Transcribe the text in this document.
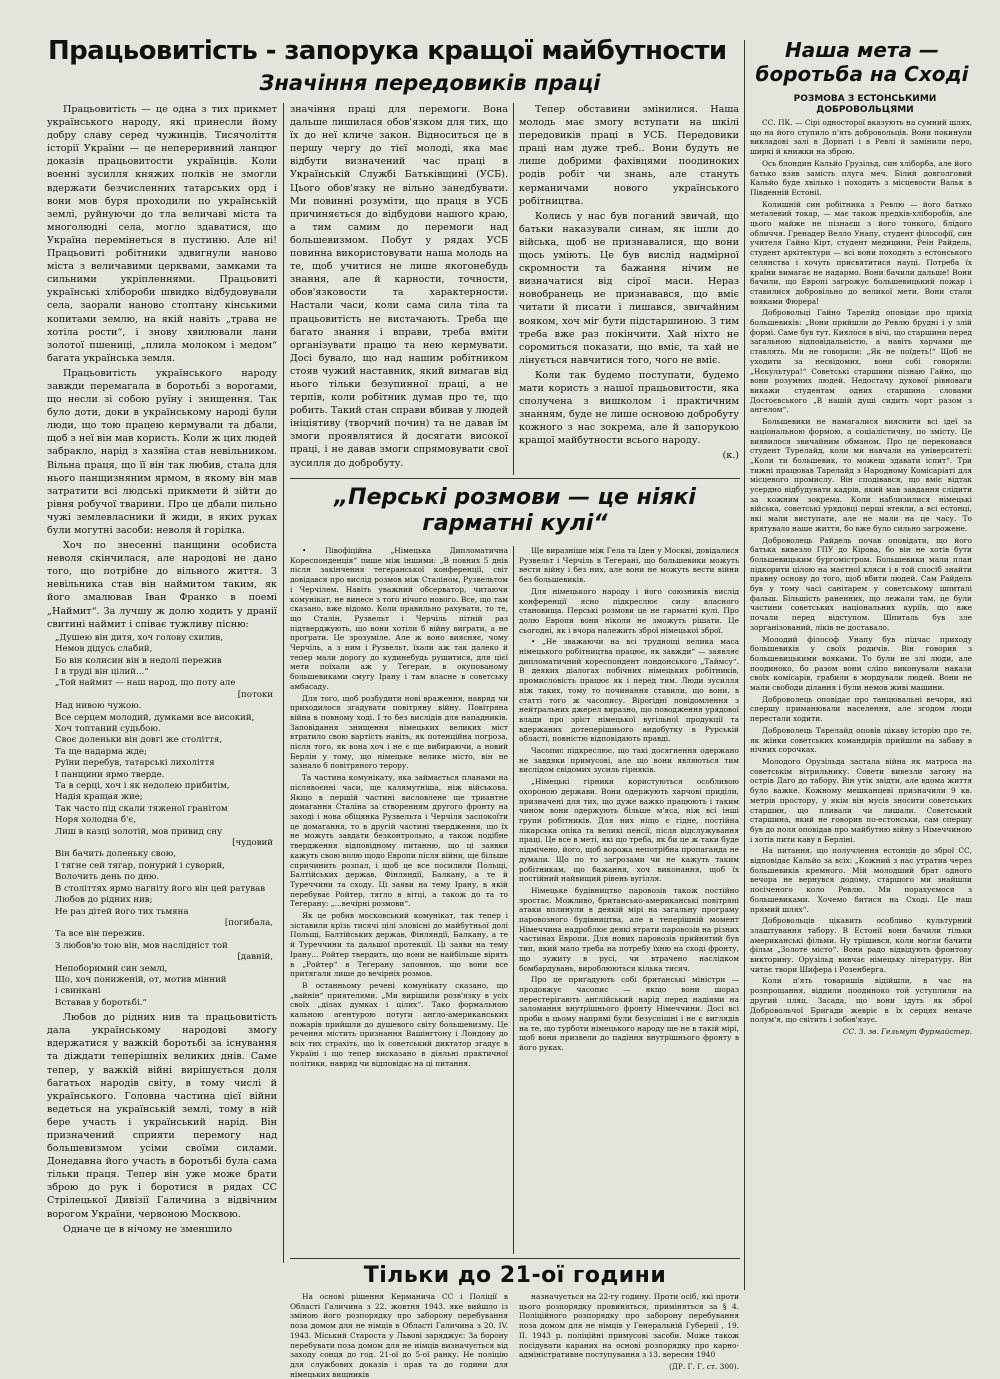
Працьовитість - запорука кращої майбутности
Значіння передовиків праці
Наша мета —
боротьба на Сході
РОЗМОВА З ЕСТОНСЬКИМИ ДОБРОВОЛЬЦЯМИ

Працьовитість — це одна з тих прикмет українського народу, які принесли йому добру славу серед чужинців. Тисячоліття історії України — це непереривний ланцюг доказів працьовитости українців. Коли военні зусилля княжих полків не змогли вдержати безчисленних татарських орд і вони мов буря проходили по українській землі, руйнуючи до тла величаві міста та многолюдні села, могло здаватися, що Україна перемінеться в пустиню. Але ні! Працьовиті робітники здвигнули наново міста з величавими церквами, замками та сильними укріпленнями. Працьовиті українські хлібороби швидко відбудовували села, заорали наново стоптану кінськими копитами землю, на якій навіть „трава не хотіла рости“, і знову хвилювали лани золотої пшениці, „плила молоком і медом“ багата українська земля.

Працьовитість українського народу завжди перемагала в боротьбі з ворогами, що несли зі собою руїну і знищення. Так було доти, доки в українському народі були люди, що тою працею кермували та дбали, щоб з неї він мав користь. Коли ж цих людей забракло, нарід з хазяїна став невільником. Вільна праця, що її він так любив, стала для нього панщизняним ярмом, в якому він мав затратити всі людські прикмети й зійти до рівня робучої тварини. Про це дбали пильно чужі землевласники й жиди, в яких руках були могутні засоби: неволя й горілка.

Хоч по знесенні панщини особиста неволя скінчилася, але народові не дано того, що потрібне до вільного життя. З невільника став він наймитом таким, як його змалював Іван Франко в поемі „Наймит“. За лучшу ж долю ходить у дранії свитині наймит і співає тужливу пісню:

„Душею він дитя, хоч голову схилив,
Немов дідусь слабий,
Бо він колисин він в недолі пережив
І в труді він цілий...“
„Той наймит — наш народ, що поту але
[потоки
Над нивою чужою.
Все серцем молодий, думками все високий,
Хоч топтаний судьбою.
Своє доленьки він довгі же століття,
Та ще надарма жде;
Руїни перебув, татарські лихоліття
І панщини ярмо тверде.
Та в серці, хоч і як недолею прибитім,
Надія кращая жие;
Так часто під скали тяженої гранітом
Норя холодна б'є,
Лиш в казці золотій, мов привид сну
[чудовий
Він бачить доленьку свою,
І тягне сей тягар, понурий і суворий,
Волочить день по дню.
В століттях ярмо нагніту його він цей ратував
Любов до рідних нив;
Не раз дітей його тих тьмяна
[погибала,
Та все він пережив.
З любов'ю тою він, мов наслідніст той
[давній,
Непоборимий син землі,
Що, хоч пониженій, от, мотив мінний
і свинкані
Вставав у боротьбі.“

Любов до рідних нив та працьовитість дала українському народові змогу вдержатися у важкій боротьбі за існування та діждати теперішніх великих днів. Саме тепер, у важкій війні вирішується доля багатьох народів світу, в тому числі й українського. Головна частина цієї війни ведеться на українській землі, тому в ній бере участь і український нарід. Він призначений сприяти перемогу над большевизмом усіми своїми силами. Донедавна його участь в боротьбі була сама тільки праця. Тепер він уже може брати зброю до рук і боротися в рядах СС Стрілецької Дивізії Галичина з відвічним ворогом України, червоною Москвою.

Одначе це в нічому не зменшило

значіння праці для перемоги. Вона дальше лишилася обов'язком для тих, що їх до неї кличе закон. Відноситься це в першу чергу до тієї молоді, яка має відбути визначений час праці в Українській Службі Батьківщині (УСБ). Цього обов'язку не вільно занедбувати. Ми повинні розуміти, що праця в УСБ причиняється до відбудови нашого краю, а тим самим до перемоги над большевизмом. Побут у рядах УСБ повинна використовувати наша молодь на те, щоб учитися не лише якогонебудь знання, але й карности, точности, обов'язковости та характерности. Настали часи, коли сама сила тіла та працьовитість не вистачають. Треба ще багато знання і вправи, треба вміти організувати працю та нею кермувати. Досі бувало, що над нашим робітником стояв чужий наставник, який вимагав від нього тільки безупинної праці, а не терпів, коли робітник думав про те, що робить. Такий стан справи вбивав у людей ініціятиву (творчий почин) та не давав їм змоги проявлятися й досягати високої праці, і не давав змоги спрямовувати свої зусилля до добробуту.

Тепер обставини змінилися. Наша молодь має змогу вступати на шкілі передовиків праці в УСБ. Передовики праці нам дуже треб.. Вони будуть не лише добрими фахівцями поодиноких родів робіт чи знань, але стануть керманичами нового українського робітництва.

Колись у нас був поганий звичай, що батьки наказували синам, як ішли до війська, щоб не признавалися, що вони щось уміють. Це був вислід надмірної скромности та бажання нічим не визначатися від сірої маси. Нераз новобранець не признавався, що вміє читати й писати і лишався, звичайним вояком, хоч міг бути підстаршиною. З тим треба вже раз покінчити. Хай ніхто не соромиться показати, що вміє, та хай не лінується навчитися того, чого не вміє.

Коли так будемо поступати, будемо мати користь з нашої працьовитости, яка сполучена з вишколом і практичним знанням, буде не лише основою добробуту кожного з нас зокрема, але й запорукою кращої майбутности всього народу.

(к.)

СС. ПК. — Сірі односторої вказують на сумний шлях, що на його ступило п'ять добровольців. Вони покинули викладові залі в Дорпаті і в Ревлі й замінили перо, ширкі й книжки на зброю.

Ось блондин Кальйо Грузільд, син хліборба, але його батько взяв замість плуга меч. Білий довголговий Кальйо буде хвілько і походить з місцевости Вальк в Південній Естонії.

Колишній син робітника з Ревлю — його батько металевий токар, — має також предків-хліборобів, але цього майже не пізнаєш з його тонкого, блідого обличчя. Гренадер Велло Унапу, студент філософії, син учителя Гайно Кірт, студент медицини, Реін Райдель, студент архітектури — всі вони походять з естонського селянства і хочуть присвятитися науці. Потреба їх країни вимагає не надармо. Вони бачили дальше! Вони бачили, що Европі загрожує большевицький пожар і ставилися добровільно до великої мети. Вони стали вояками Фюрера!

Добровольці Гайно Тарелйд оповідає про прихід большевиків: „Вони прийшли до Ревлю брудні і у злій формі. Саме був тут. Киялося в вічі, що старшини перед загальною відповідальністю, а навіть харчами ще ставлять. Ми не говорили: „Як не поїдеть!“ Щоб не уходити за несвідомих, вони собі говорили: „Нєкультура!“ Советські старшини пізнаю Гайно, що вони розумних людей. Недостачу духової рівноваги викажи студентам одних старшина словами Достоєвського „В нашій душі сидить чорт разом з ангелом“.

Большевики не намагалися вияснити всі ідеї за національною формою, а соціалістичну, по змісту. Це виявилося звичайним обманом. Про це переконався студент Турелайд, коли ми навчали на університеті: „Коли ти большевик, то можеш здавати іспит“. Три тижні працював Тарелайд з Народному Комісаріаті для місцевого промислу. Він сподівався, що вміє відтак усердно відбудувати кадрів, який мав завдання слідити за кожним зокрема. Коли наблизилися німецькі війська, советські урядовці перші втекли, а всі естонці, які мали виступати, але не мали на це часу. То врятувало наше життя, бо вже було сильно загрожене.

Доброволець Райдель почав оповідати, що його батька вивезло ГПУ до Кірова, бо він не хотів бути большевицьким бургомістром. Большевики мали план підкорити цілою на маєтної кляси і в той спосіб знайти правну основу до того, щоб вбити людей. Сам Райдель був у тому часі санітарем у советському шпиталі фальш. Більшість раненних, що лежали там, це були частини советських національних куріїв, що вже почали перед відступом. Шпиталь був зле зорганізований, ліків не доставало.

Молодий філософ Унапу був підчас приходу большевиків у своїх родичів. Він говорив з большевицькими вояками. То були не злі люди, але поодиноко, бо разом вони сліпо виконували накази своїх комісарів, грабили в мордували людей. Вони не мали свободи ділання і були немов живі машини.

Доброволець оповідає про танцювальні вечори, які спершу приманювали населення, але згодом люди перестали ходити.

Доброволець Тарелайд оповів цікаву історію про те, як жінки советських командирів прийшли на забаву в нічних сорочках.

Молодого Орузільда застала війна як матроса на советськім вітрильнику. Совети вивезли загону на острів Даго до табору. Він утік звідти, але вдома життя було важке. Кожному мешканцеві призначили 9 кв. метрів простору, у якім він мусів зносити советських старшин, що пливали чи лишали. Советський старшина, який не говорив по-естонськи, сам спершу був до поля оповідав про майбутню війну з Німеччиною і хотів пити каву в Берліні.

На питання, що получлення естонців до зброї СС, відповідає Кальйо за всіх: „Кожний з нас утратив через большевиків кремного. Мій молодший брат одного вечора не вернувся додому, старшого ми знайшли посіченого коло Ревлю. Ми порахуємося з большевиками. Хочемо битися на Сході. Це наш прямий шлях“.

Добровольців цікавить особливо культурний злаштування табору. В Естонії вони бачили тільки американські фільми. Ну трішився, коли могли бачити фільм „Золоте місто“. Вони радо відвідують фронтову викторину. Орузільд вивчає німецьку літературу. Він читає твори Шифера і Розенберга.

Коли п'ять товаришів відійшли, в час на розпрощання, віддили поодиноко той уступлили на другий пляц. Засада, що вони ідуть як зброї Добровольчої Бригади жевріє в їх серцях неначе полум'я, що світить і зобов'язує.

СС. З. зв. Гельмут Фурмайстер.

„Перські розмови — це ніякі
гарматні кулі“

• Півофіційна „Німецька Дипломатична Кореспонденція“ пише між іншими: „В повних 5 днів після закінчення тегеранської конференції, світ довідався про вислід розмов між Сталіном, Рузвельтом і Черчілем. Навіть уважний обсерватор, читаючи комунікат, не винесе з того нічого нового. Все, що там сказано, вже відомо. Коли правильно рахувати, то те, що Сталін, Рузвельт і Черчіль пітній раз підтверджують, що вони хотіли б війну виграти, а не програти. Це зрозуміле. Але ж воно виясняє, чому Черчіль, а з ним і Рузвельт, їхали аж так далеко й тепер мали дорогу до кудинебудь рушитися, для цієї мети поїхали аж у Тегеран, в окупованому большевиками смугу Ірану і там власне в советську амбасаду.

Для того, щоб розбудити нові враження, навряд чи приходилося згадувати повітряну війну. Повітряна війна в повному ході. І то без вислідів для нападників. Заповідання знищення німецьких великих міст втратило свою вартість навіть, як потенційна погроза, після того, як вона хоч і не є ще вибираючи, а новий Берлін у тому, що німецьке велике місто, він не зазнало б повітряного терору.

Та частина комунікату, яка займається планами на післявоєнні часи, ще калямутніша, ніж військова. Якщо в першій частині висловлене ще триантне домагання Сталіна за створенням другого фронту на заході і нова обіцянка Рузвельта і Черчіля заспокоїти це домагання, то в другій частині твердження, що їх не можуть завдати безконтрольно, а також подібне твердження відповідному питанню, що ці заявки кажуть свою волю щодо Европи після війни, ще більше спричинить розпал, і щоб це все посилили Польщі, Балтійських держав, Фінляндії, Балкану, а те й Туреччини та сходу. Ці заяви на тему Ірану, в якій перебуває Ройтер, тягло в вітці, а також до та то Тегерану: „...вечірні розмови“.

Як це робив московський комунікат, так тепер і зіставили крізь тисячі цілі зловісні до майбутньої долі Польщі, Балтійських держав, Фінляндії, Балкану, а те й Туреччини та дальшої протекції. Ці заяви на тему Ірану... Ройтер твердить, що вони не найбільше вірять в „Ройтер“ в Тегерану заповнюв, що вони все притягали лише до вечірніх розмов.

В останньому речені комунікату сказано, що „вайнін“ приятелями. „Ми вирішили розв'язку в усіх своїх „ділах думках і цілих“. Тако формальною кальною агентурою потуги англо-американських пожарів прийшли до душевого світу большевизму. Це речення містить признання Вашінгтону і Лондону до всіх тих страхіть, що їх советський диктатор згадує в Україні і що тепер висказано в діяльні практичної політики, навряд чи відповідає на ці питання.

Ще виразніше між Гела та Іден у Москві, довідалися Рузвельт і Черчіль в Тегерані, що большевики можуть вести війну і без них, але вони не можуть вести війни без большевиків.

Для німецького народу і його союзників вислід конференції ясно підкреслює силу власного становища. Перські розмови це не гарматні кулі. Про долю Европи вони ніколи не зможуть рішати. Це сьогодні, як і вчора належить зброї німецької зброї.

• „Не зважаючи на всі труднощі велика маса німецького робітництва працює, як завжди“ — заявляє дипломатичний кореспондент лондонського „Таймсу“. В деяких діалогах побічних німецьких робітників, промисловість працює як і перед тим. Люди зусилля ніж таких, тому то починання ставили, що вони, в статті того ж часопису. Вірогідні повідомлення з нейтральних джерел виразно, що поводження урядової влади про зріст німецької вугільної продукції та вдержаних дотеперішнього видобутку в Рурській області, повністю відповідають правді.

Часопис підкреслює, що такі досягнення одержано не завдяки примусові, але що вони являються тим вислідом свідомих зусиль гірняків.

„Німецькі гірники користуються особливою охороною держави. Вони одержують харчові приділи, призначені для тих, що дуже важко працюють і таким чином вони одержують більше м'яса, ніж всі інші групи робітників. Для них ніщо є гідне, постійна лікарська опіка та великі пенсії, після відслужування праці. Це все в меті, які що треба, як би це ж таки буде підмічено, його, щоб ворожа непотрібна пропаганда не думали. Що по то загрозами чи не кажуть таким робітникам, що бажання, хоч виконання, щоб їх постійний найвищий рівень вугілля.

Німецьке будівництво паровозів також постійно зростає. Можливо, британсько-американські повітряні атаки вплинули в деякій мірі на загальну програму паровозного будівництва, але в теперішній момент Німеччина надроблює деякі втрати паровозів на різних частинах Европи. Для нових паровозів прийнятий був тип, який мало треба на потребу їхню на сході фронту, що зужиту в русі, чи втрачено наслідком бомбардувань, вироблюються кілька тисяч.

Про це приґадують собі британські міністри — продовжує часопис — якщо вони шораз перестерігають англійський нарід перед надіями на заломання внутрішнього фронту Німеччини. Досі всі проби в цьому напрямі були безуспішні і не є виглядів на те, що турботи німецького народу ще не в такій мірі, щоб вони призвели до падіння внутрішнього фронту в його руках.

Тільки до 21-ої години

На основі рішення Керманича СС і Поліції в Області Галичина з 22. жовтня 1943. яке вийшло із зміною його розпорядку про заборону перебування поза домом для не німців в Області Галичина з 20. IV. 1943. Міський Староста у Львові заряджує: За борону перебувати поза домом для не німців визначується від заходу сонця до год. 21-ої до 5-ої ранку. Не поліцію для службових доказів і прав та до години для німецьких вищників

назначується на 22-гу годину. Проти осіб, які проти цього розпорядку провиняться, приміняться за § 4. Поліційного розпорядку про заборону перебування поза домом для не німців у Генеральній Губернії , 19. ІІ. 1943 р. поліційні примусові засоби. Може також посідувати караних на основі розпорядку про карно-адміністративне поступування з 13. вересня 1940

(ДР. Г. Г. ст. 300).
